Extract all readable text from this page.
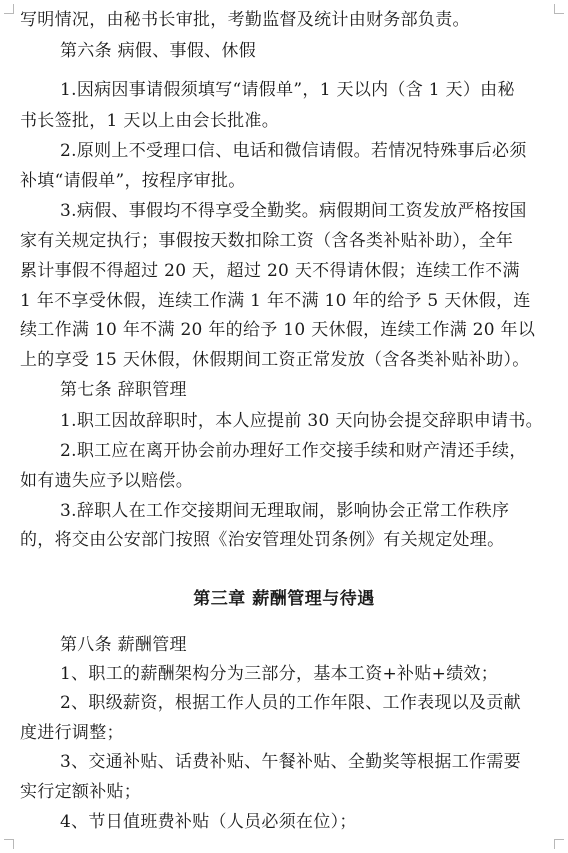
写明情况，由秘书长审批，考勤监督及统计由财务部负责。
第六条 病假、事假、休假
1.因病因事请假须填写“请假单”，1 天以内（含 1 天）由秘
书长签批，1 天以上由会长批准。
2.原则上不受理口信、电话和微信请假。若情况特殊事后必须
补填“请假单”，按程序审批。
3.病假、事假均不得享受全勤奖。病假期间工资发放严格按国
家有关规定执行；事假按天数扣除工资（含各类补贴补助），全年
累计事假不得超过 20 天，超过 20 天不得请休假；连续工作不满
1 年不享受休假，连续工作满 1 年不满 10 年的给予 5 天休假，连
续工作满 10 年不满 20 年的给予 10 天休假，连续工作满 20 年以
上的享受 15 天休假，休假期间工资正常发放（含各类补贴补助）。
第七条 辞职管理
1.职工因故辞职时，本人应提前 30 天向协会提交辞职申请书。
2.职工应在离开协会前办理好工作交接手续和财产清还手续，
如有遗失应予以赔偿。
3.辞职人在工作交接期间无理取闹，影响协会正常工作秩序
的，将交由公安部门按照《治安管理处罚条例》有关规定处理。
第三章 薪酬管理与待遇
第八条 薪酬管理
1、职工的薪酬架构分为三部分，基本工资+补贴+绩效；
2、职级薪资，根据工作人员的工作年限、工作表现以及贡献
度进行调整；
3、交通补贴、话费补贴、午餐补贴、全勤奖等根据工作需要
实行定额补贴；
4、节日值班费补贴（人员必须在位）；
